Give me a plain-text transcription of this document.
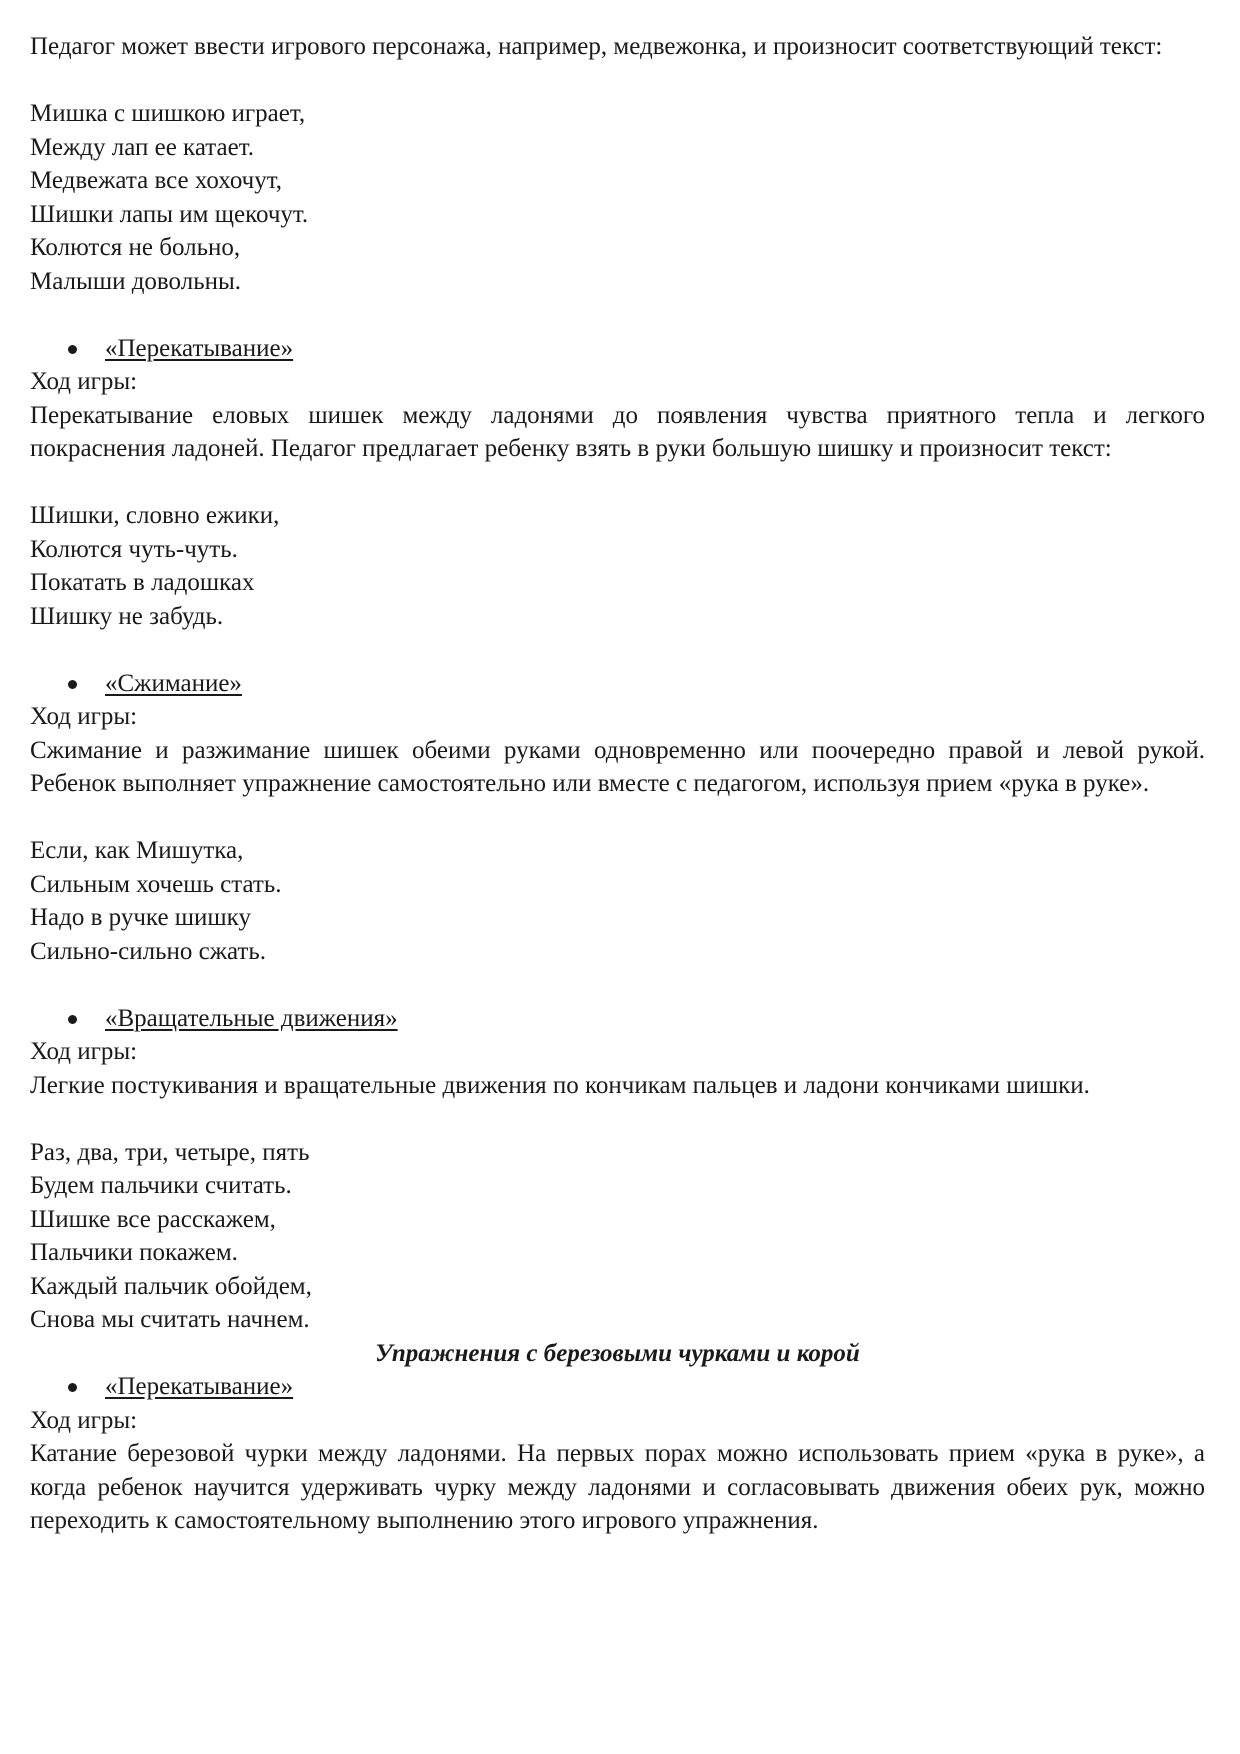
Педагог может ввести игрового персонажа, например, медвежонка, и произносит соответствующий текст:

Мишка с шишкою играет,

Между лап ее катает.

Медвежата все хохочут,

Шишки лапы им щекочут.

Колются не больно,

Малыши довольны.

«Перекатывание»

Ход игры:

Перекатывание еловых шишек между ладонями до появления чувства приятного тепла и легкого покраснения ладоней. Педагог предлагает ребенку взять в руки большую шишку и произносит текст:

Шишки, словно ежики,

Колются чуть-чуть.

Покатать в ладошках

Шишку не забудь.

«Сжимание»

Ход игры:

Сжимание и разжимание шишек обеими руками одновременно или поочередно правой и левой рукой. Ребенок выполняет упражнение самостоятельно или вместе с педагогом, используя прием «рука в руке».

Если, как Мишутка,

Сильным хочешь стать.

Надо в ручке шишку

Сильно-сильно сжать.

«Вращательные движения»

Ход игры:

Легкие постукивания и вращательные движения по кончикам пальцев и ладони кончиками шишки.

Раз, два, три, четыре, пять

Будем пальчики считать.

Шишке все расскажем,

Пальчики покажем.

Каждый пальчик обойдем,

Снова мы считать начнем.

Упражнения с березовыми чурками и корой

«Перекатывание»

Ход игры:

Катание березовой чурки между ладонями. На первых порах можно использовать прием «рука в руке», а когда ребенок научится удерживать чурку между ладонями и согласовывать движения обеих рук, можно переходить к самостоятельному выполнению этого игрового упражнения.
